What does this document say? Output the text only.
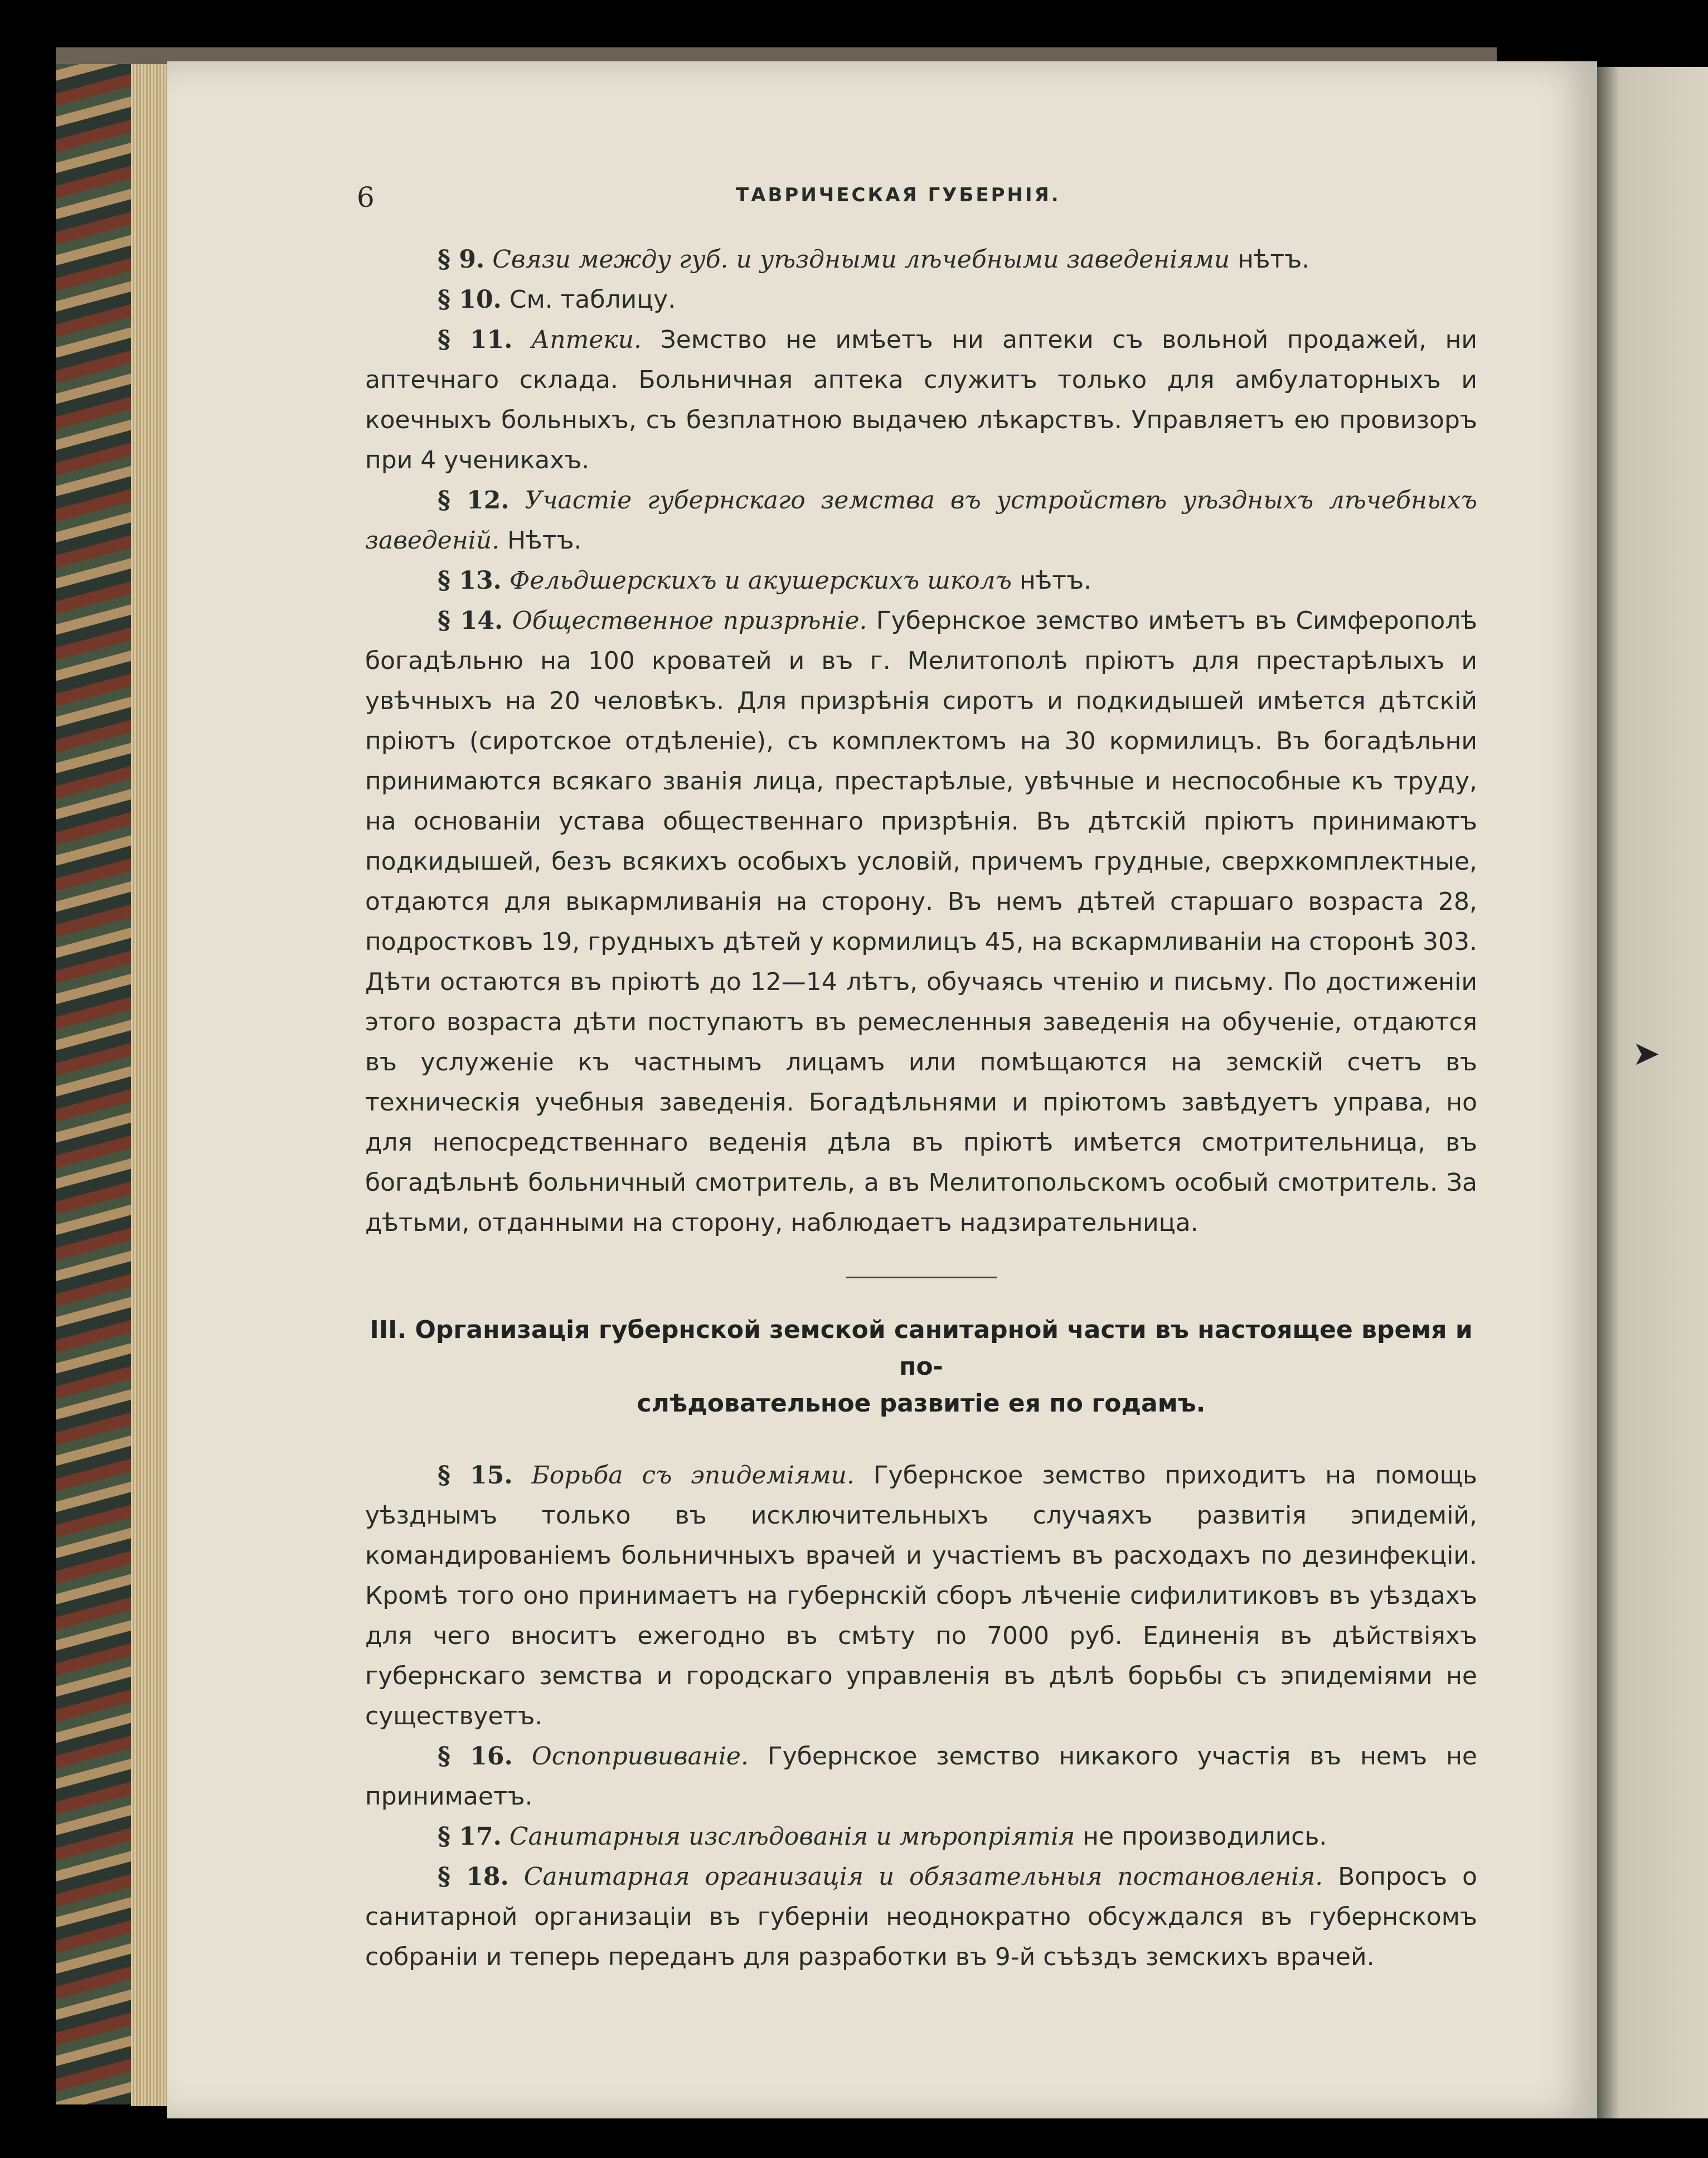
➤
6	ТАВРИЧЕСКАЯ ГУБЕРНІЯ.

§ 9. Связи между губ. и уѣздными лѣчебными заведеніями нѣтъ.

§ 10. См. таблицу.

§ 11. Аптеки. Земство не имѣетъ ни аптеки съ вольной продажей, ни аптечнаго склада. Больничная аптека служитъ только для амбулаторныхъ и коечныхъ больныхъ, съ безплатною выдачею лѣкарствъ. Управляетъ ею провизоръ при 4 ученикахъ.

§ 12. Участіе губернскаго земства въ устройствѣ уѣздныхъ лѣчебныхъ заведеній. Нѣтъ.

§ 13. Фельдшерскихъ и акушерскихъ школъ нѣтъ.

§ 14. Общественное призрѣніе. Губернское земство имѣетъ въ Симферополѣ богадѣльню на 100 кроватей и въ г. Мелитополѣ пріютъ для престарѣлыхъ и увѣчныхъ на 20 человѣкъ. Для призрѣнія сиротъ и подкидышей имѣется дѣтскій пріютъ (сиротское отдѣленіе), съ комплектомъ на 30 кормилицъ. Въ богадѣльни принимаются всякаго званія лица, престарѣлые, увѣчные и неспособные къ труду, на основаніи устава общественнаго призрѣнія. Въ дѣтскій пріютъ принимаютъ подкидышей, безъ всякихъ особыхъ условій, причемъ грудные, сверхкомплектные, отдаются для выкармливанія на сторону. Въ немъ дѣтей старшаго возраста 28, подростковъ 19, грудныхъ дѣтей у кормилицъ 45, на вскармливаніи на сторонѣ 303. Дѣти остаются въ пріютѣ до 12—14 лѣтъ, обучаясь чтенію и письму. По достиженіи этого возраста дѣти поступаютъ въ ремесленныя заведенія на обученіе, отдаются въ услуженіе къ частнымъ лицамъ или помѣщаются на земскій счетъ въ техническія учебныя заведенія. Богадѣльнями и пріютомъ завѣдуетъ управа, но для непосредственнаго веденія дѣла въ пріютѣ имѣется смотрительница, въ богадѣльнѣ больничный смотритель, а въ Мелитопольскомъ особый смотритель. За дѣтьми, отданными на сторону, наблюдаетъ надзирательница.

III. Организація губернской земской санитарной части въ настоящее время и по-
слѣдовательное развитіе ея по годамъ.

§ 15. Борьба съ эпидеміями. Губернское земство приходитъ на помощь уѣзднымъ только въ исключительныхъ случаяхъ развитія эпидемій, командированіемъ больничныхъ врачей и участіемъ въ расходахъ по дезинфекціи. Кромѣ того оно принимаетъ на губернскій сборъ лѣченіе сифилитиковъ въ уѣздахъ для чего вноситъ ежегодно въ смѣту по 7000 руб. Единенія въ дѣйствіяхъ губернскаго земства и городскаго управленія въ дѣлѣ борьбы съ эпидеміями не существуетъ.

§ 16. Оспопрививаніе. Губернское земство никакого участія въ немъ не принимаетъ.

§ 17. Санитарныя изслѣдованія и мѣропріятія не производились.

§ 18. Санитарная организація и обязательныя постановленія. Вопросъ о санитарной организаціи въ губерніи неоднократно обсуждался въ губернскомъ собраніи и теперь переданъ для разработки въ 9-й съѣздъ земскихъ врачей.
